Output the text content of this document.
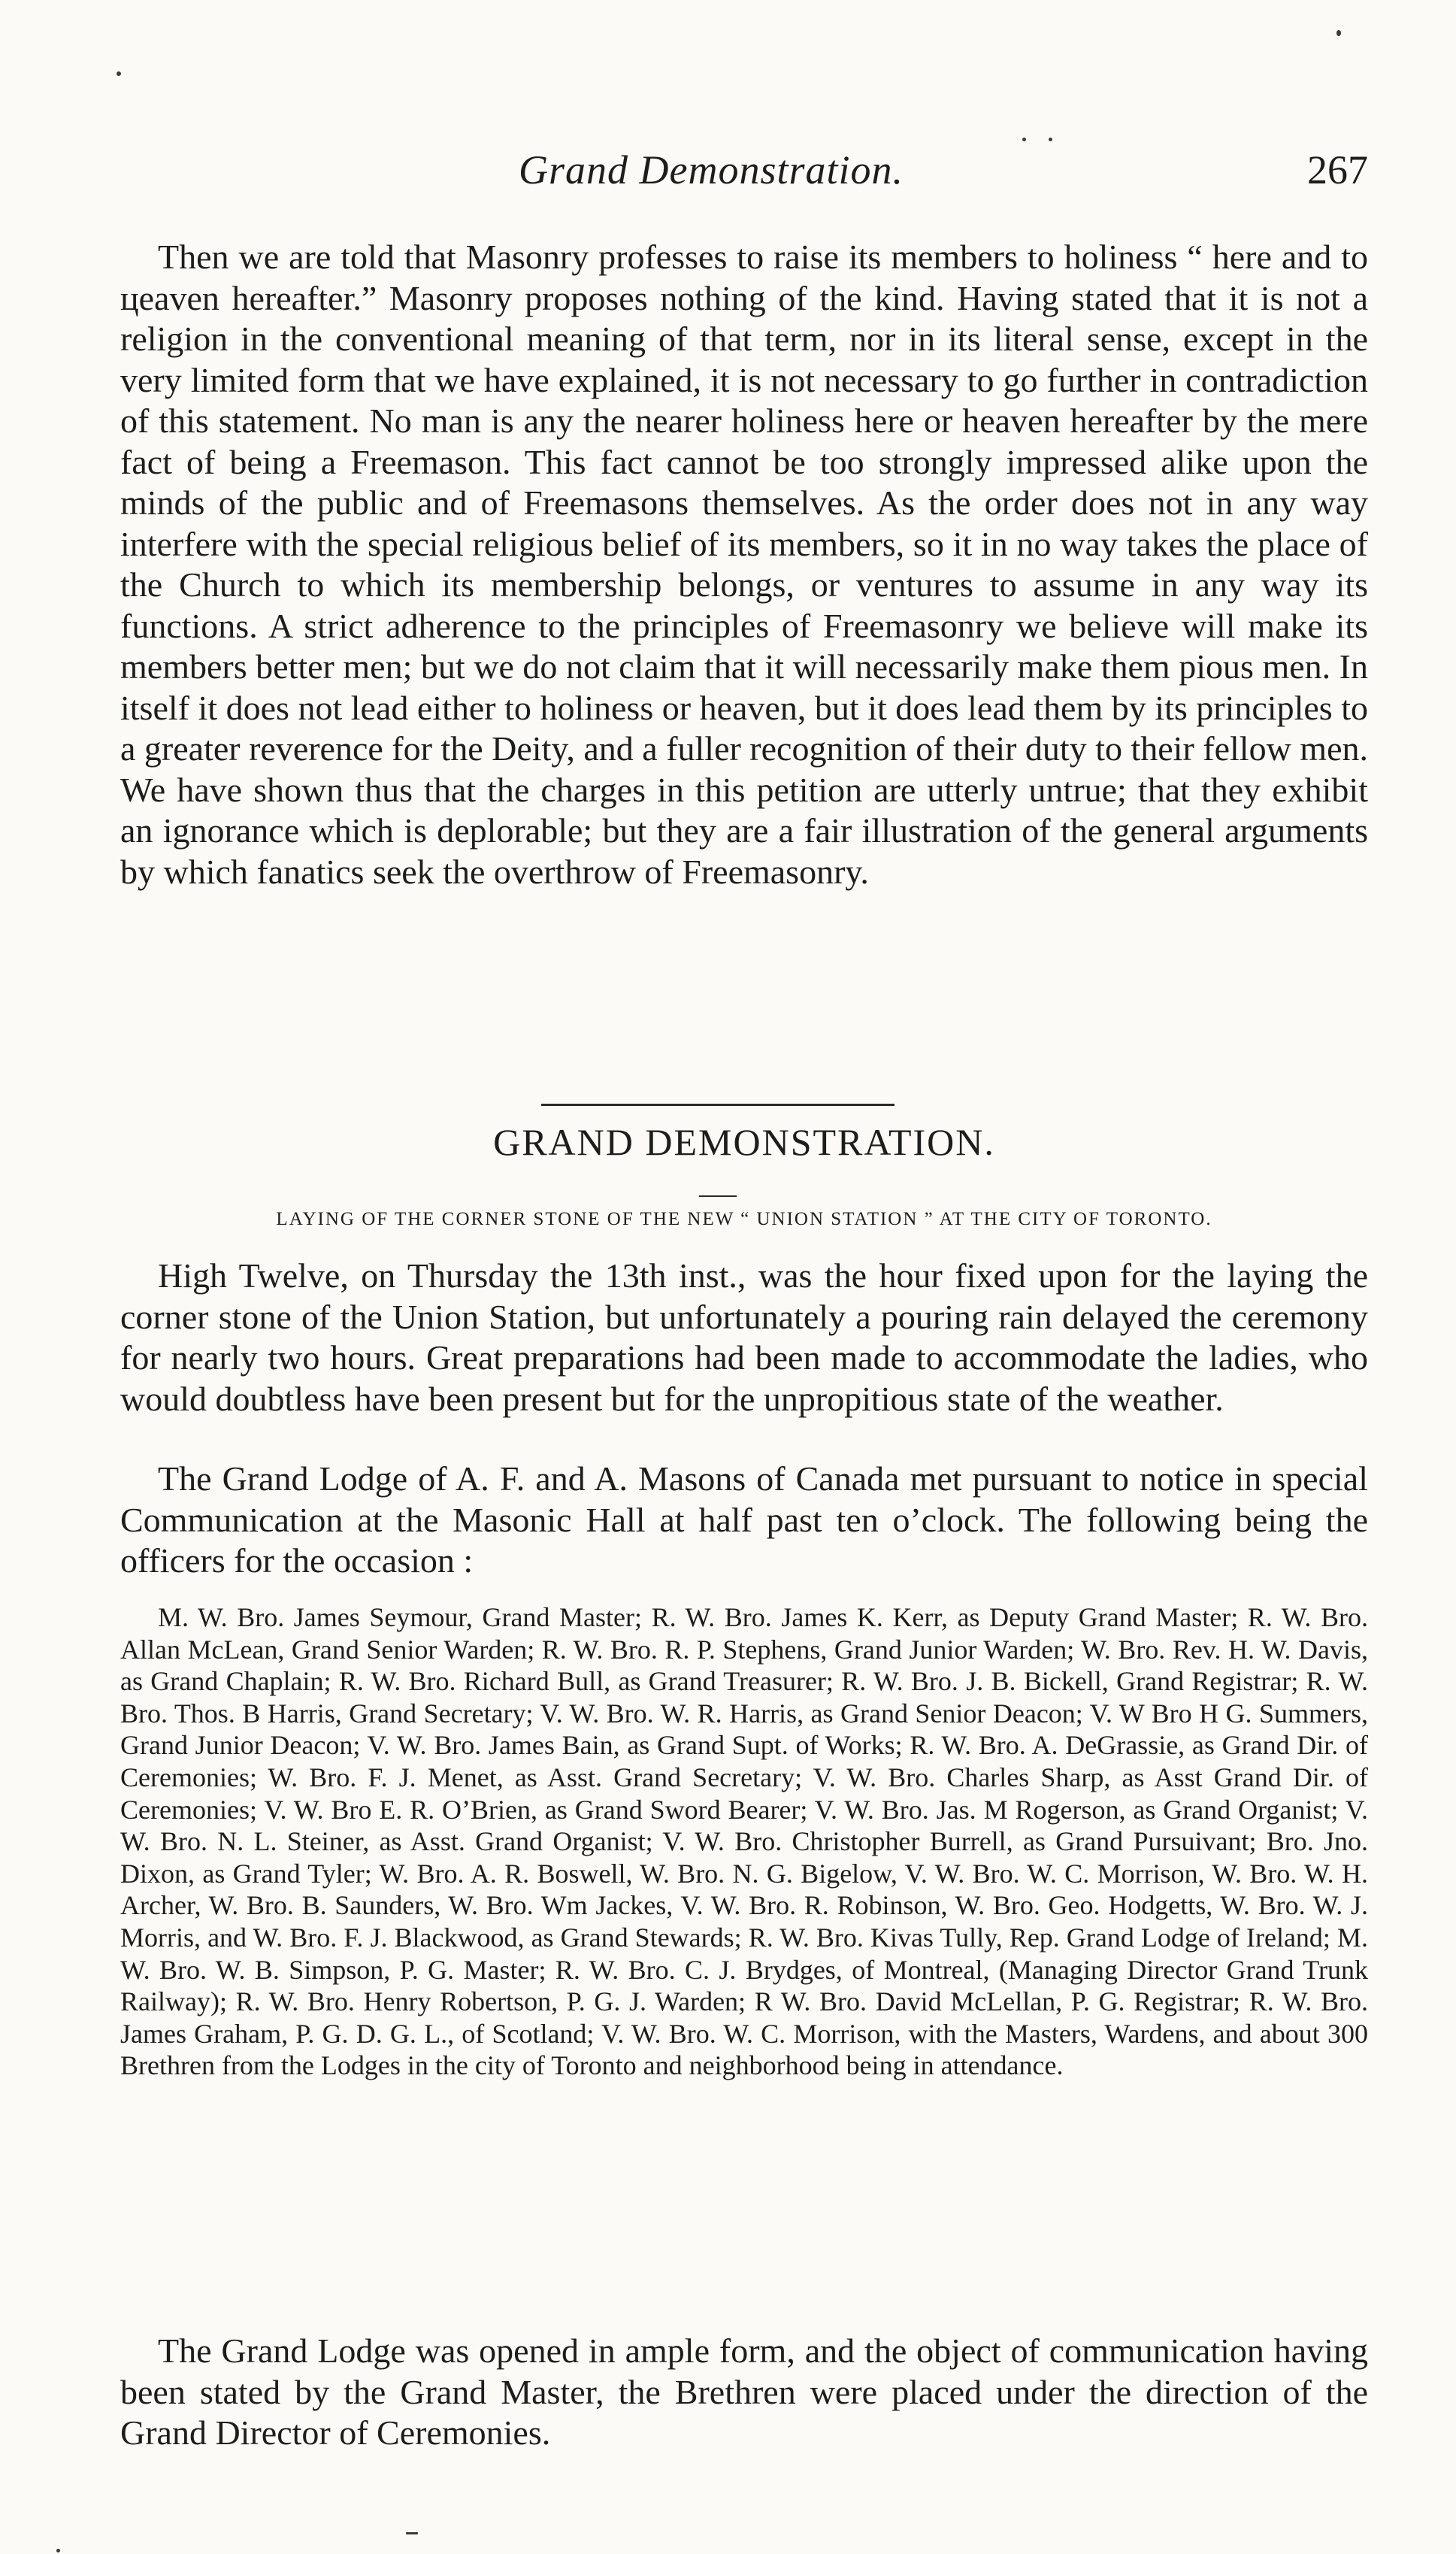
Grand Demonstration.	267

Then we are told that Masonry professes to raise its members to holiness “ here and to цeaven hereafter.” Masonry proposes nothing of the kind. Having stated that it is not a religion in the conventional meaning of that term, nor in its literal sense, except in the very limited form that we have explained, it is not necessary to go further in contradiction of this statement. No man is any the nearer holiness here or heaven hereafter by the mere fact of being a Freemason. This fact cannot be too strongly impressed alike upon the minds of the public and of Freemasons themselves. As the order does not in any way interfere with the special religious belief of its members, so it in no way takes the place of the Church to which its membership belongs, or ventures to assume in any way its functions. A strict adherence to the principles of Freemasonry we believe will make its members better men; but we do not claim that it will necessarily make them pious men. In itself it does not lead either to holiness or heaven, but it does lead them by its principles to a greater reverence for the Deity, and a fuller recognition of their duty to their fellow men. We have shown thus that the charges in this petition are utterly untrue; that they exhibit an ignorance which is deplorable; but they are a fair illustration of the general arguments by which fanatics seek the overthrow of Freemasonry.

GRAND DEMONSTRATION.
LAYING OF THE CORNER STONE OF THE NEW “ UNION STATION ” AT THE CITY OF TORONTO.

High Twelve, on Thursday the 13th inst., was the hour fixed upon for the laying the corner stone of the Union Station, but unfortunately a pouring rain delayed the ceremony for nearly two hours. Great preparations had been made to accommodate the ladies, who would doubtless have been present but for the unpropitious state of the weather.

The Grand Lodge of A. F. and A. Masons of Canada met pursuant to notice in special Communication at the Masonic Hall at half past ten o’clock. The following being the officers for the occasion :

M. W. Bro. James Seymour, Grand Master; R. W. Bro. James K. Kerr, as Deputy Grand Master; R. W. Bro. Allan McLean, Grand Senior Warden; R. W. Bro. R. P. Stephens, Grand Junior Warden; W. Bro. Rev. H. W. Davis, as Grand Chaplain; R. W. Bro. Richard Bull, as Grand Treasurer; R. W. Bro. J. B. Bickell, Grand Registrar; R. W. Bro. Thos. B Harris, Grand Secretary; V. W. Bro. W. R. Harris, as Grand Senior Deacon; V. W Bro H G. Summers, Grand Junior Deacon; V. W. Bro. James Bain, as Grand Supt. of Works; R. W. Bro. A. DeGrassie, as Grand Dir. of Ceremonies; W. Bro. F. J. Menet, as Asst. Grand Secretary; V. W. Bro. Charles Sharp, as Asst Grand Dir. of Ceremonies; V. W. Bro E. R. O’Brien, as Grand Sword Bearer; V. W. Bro. Jas. M Rogerson, as Grand Organist; V. W. Bro. N. L. Steiner, as Asst. Grand Organist; V. W. Bro. Christopher Burrell, as Grand Pursuivant; Bro. Jno. Dixon, as Grand Tyler; W. Bro. A. R. Boswell, W. Bro. N. G. Bigelow, V. W. Bro. W. C. Morrison, W. Bro. W. H. Archer, W. Bro. B. Saunders, W. Bro. Wm Jackes, V. W. Bro. R. Robinson, W. Bro. Geo. Hodgetts, W. Bro. W. J. Morris, and W. Bro. F. J. Blackwood, as Grand Stewards; R. W. Bro. Kivas Tully, Rep. Grand Lodge of Ireland; M. W. Bro. W. B. Simpson, P. G. Master; R. W. Bro. C. J. Brydges, of Montreal, (Managing Director Grand Trunk Railway); R. W. Bro. Henry Robertson, P. G. J. Warden; R W. Bro. David McLellan, P. G. Registrar; R. W. Bro. James Graham, P. G. D. G. L., of Scotland; V. W. Bro. W. C. Morrison, with the Masters, Wardens, and about 300 Brethren from the Lodges in the city of Toronto and neighborhood being in attendance.

The Grand Lodge was opened in ample form, and the object of communication having been stated by the Grand Master, the Brethren were placed under the direction of the Grand Director of Ceremonies.
